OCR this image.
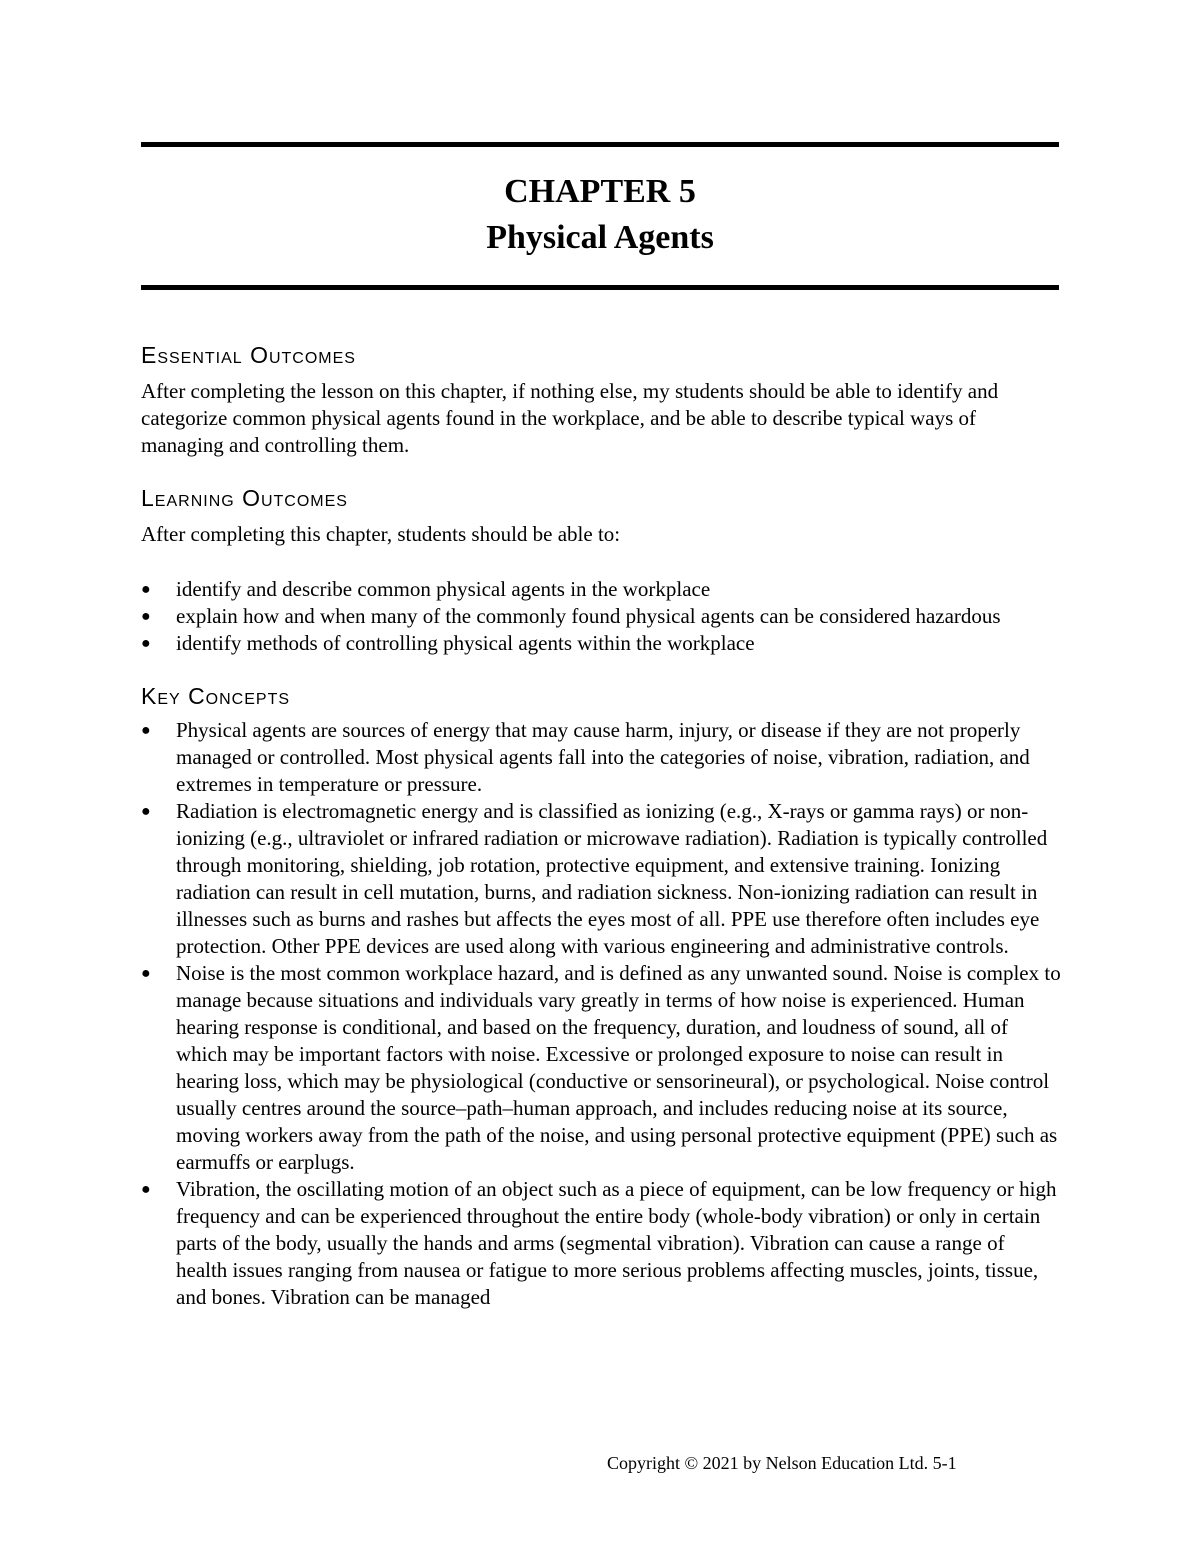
CHAPTER 5
Physical Agents
Essential Outcomes

After completing the lesson on this chapter, if nothing else, my students should be able to identify and categorize common physical agents found in the workplace, and be able to describe typical ways of managing and controlling them.

Learning Outcomes

After completing this chapter, students should be able to:

● identify and describe common physical agents in the workplace
● explain how and when many of the commonly found physical agents can be considered hazardous
● identify methods of controlling physical agents within the workplace
Key Concepts
● Physical agents are sources of energy that may cause harm, injury, or disease if they are not properly managed or controlled. Most physical agents fall into the categories of noise, vibration, radiation, and extremes in temperature or pressure.
● Radiation is electromagnetic energy and is classified as ionizing (e.g., X-rays or gamma rays) or non-ionizing (e.g., ultraviolet or infrared radiation or microwave radiation). Radiation is typically controlled through monitoring, shielding, job rotation, protective equipment, and extensive training. Ionizing radiation can result in cell mutation, burns, and radiation sickness. Non-ionizing radiation can result in illnesses such as burns and rashes but affects the eyes most of all. PPE use therefore often includes eye protection. Other PPE devices are used along with various engineering and administrative controls.
● Noise is the most common workplace hazard, and is defined as any unwanted sound. Noise is complex to manage because situations and individuals vary greatly in terms of how noise is experienced. Human hearing response is conditional, and based on the frequency, duration, and loudness of sound, all of which may be important factors with noise. Excessive or prolonged exposure to noise can result in hearing loss, which may be physiological (conductive or sensorineural), or psychological. Noise control usually centres around the source–path–human approach, and includes reducing noise at its source, moving workers away from the path of the noise, and using personal protective equipment (PPE) such as earmuffs or earplugs.
● Vibration, the oscillating motion of an object such as a piece of equipment, can be low frequency or high frequency and can be experienced throughout the entire body (whole-body vibration) or only in certain parts of the body, usually the hands and arms (segmental vibration). Vibration can cause a range of health issues ranging from nausea or fatigue to more serious problems affecting muscles, joints, tissue, and bones. Vibration can be managed
Copyright © 2021 by Nelson Education Ltd. 5-1
